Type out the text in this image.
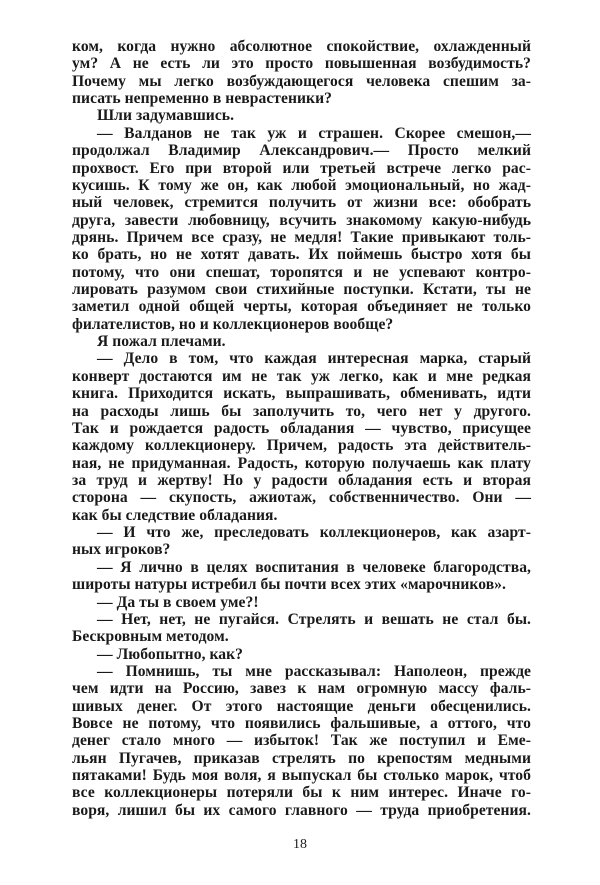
ком, когда нужно абсолютное спокойствие, охлажденный
ум? А не есть ли это просто повышенная возбудимость?
Почему мы легко возбуждающегося человека спешим за-
писать непременно в неврастеники?
Шли задумавшись.
— Валданов не так уж и страшен. Скорее смешон,—
продолжал Владимир Александрович.— Просто мелкий
прохвост. Его при второй или третьей встрече легко рас-
кусишь. К тому же он, как любой эмоциональный, но жад-
ный человек, стремится получить от жизни все: обобрать
друга, завести любовницу, всучить знакомому какую-нибудь
дрянь. Причем все сразу, не медля! Такие привыкают толь-
ко брать, но не хотят давать. Их поймешь быстро хотя бы
потому, что они спешат, торопятся и не успевают контро-
лировать разумом свои стихийные поступки. Кстати, ты не
заметил одной общей черты, которая объединяет не только
филателистов, но и коллекционеров вообще?
Я пожал плечами.
— Дело в том, что каждая интересная марка, старый
конверт достаются им не так уж легко, как и мне редкая
книга. Приходится искать, выпрашивать, обменивать, идти
на расходы лишь бы заполучить то, чего нет у другого.
Так и рождается радость обладания — чувство, присущее
каждому коллекционеру. Причем, радость эта действитель-
ная, не придуманная. Радость, которую получаешь как плату
за труд и жертву! Но у радости обладания есть и вторая
сторона — скупость, ажиотаж, собственничество. Они —
как бы следствие обладания.
— И что же, преследовать коллекционеров, как азарт-
ных игроков?
— Я лично в целях воспитания в человеке благородства,
широты натуры истребил бы почти всех этих «марочников».
— Да ты в своем уме?!
— Нет, нет, не пугайся. Стрелять и вешать не стал бы.
Бескровным методом.
— Любопытно, как?
— Помнишь, ты мне рассказывал: Наполеон, прежде
чем идти на Россию, завез к нам огромную массу фаль-
шивых денег. От этого настоящие деньги обесценились.
Вовсе не потому, что появились фальшивые, а оттого, что
денег стало много — избыток! Так же поступил и Еме-
льян Пугачев, приказав стрелять по крепостям медными
пятаками! Будь моя воля, я выпускал бы столько марок, чтоб
все коллекционеры потеряли бы к ним интерес. Иначе го-
воря, лишил бы их самого главного — труда приобретения.
18
